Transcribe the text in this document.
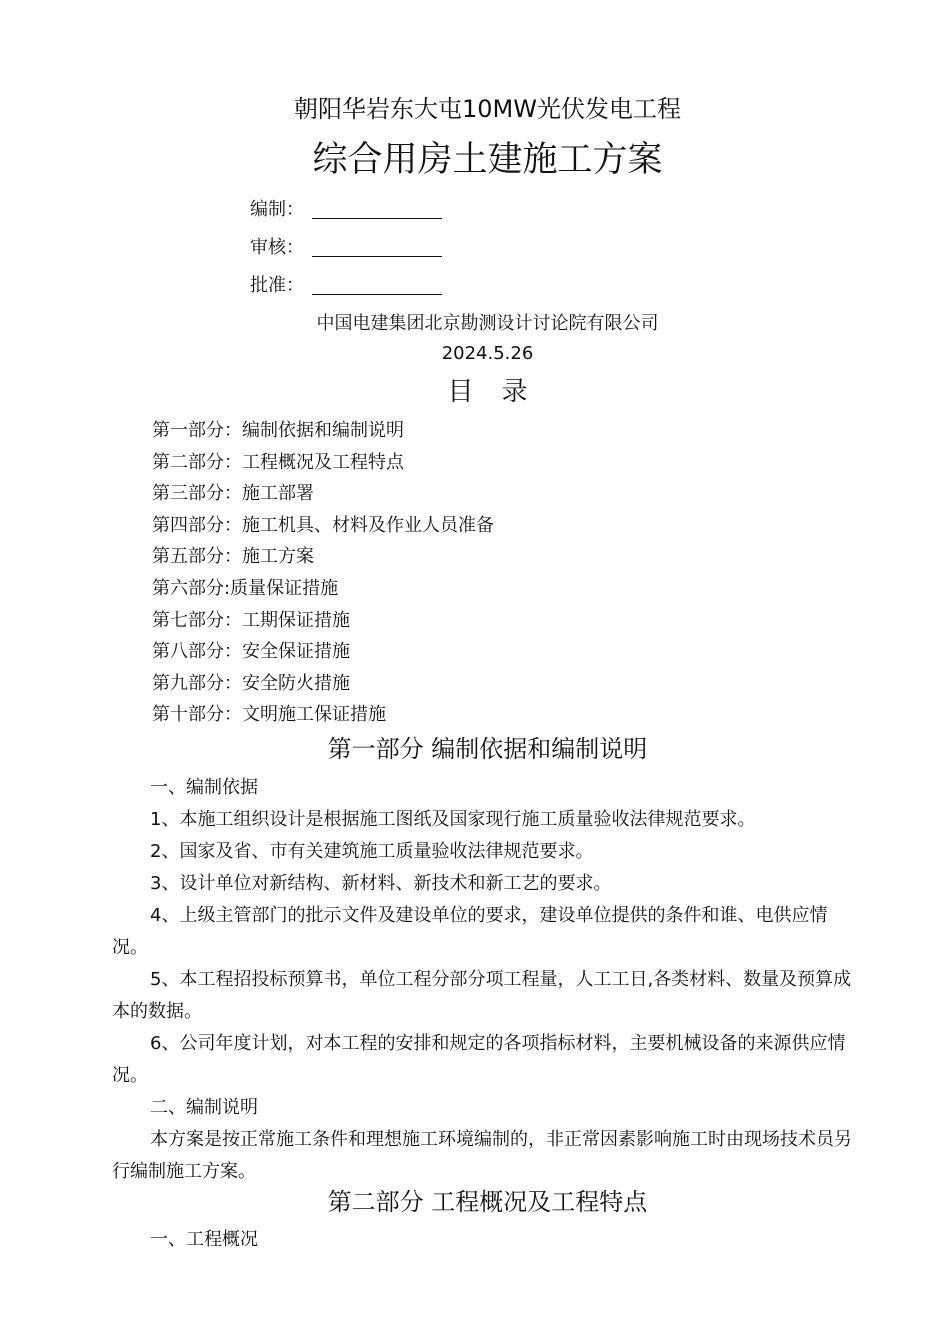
朝阳华岩东大屯10MW光伏发电工程
综合用房土建施工方案
编制：
审核：
批准：
中国电建集团北京勘测设计讨论院有限公司
2024.5.26
目录
第一部分：编制依据和编制说明
第二部分：工程概况及工程特点
第三部分：施工部署
第四部分：施工机具、材料及作业人员准备
第五部分：施工方案
第六部分:质量保证措施
第七部分：工期保证措施
第八部分：安全保证措施
第九部分：安全防火措施
第十部分：文明施工保证措施
第一部分 编制依据和编制说明

一、编制依据

1、本施工组织设计是根据施工图纸及国家现行施工质量验收法律规范要求。

2、国家及省、市有关建筑施工质量验收法律规范要求。

3、设计单位对新结构、新材料、新技术和新工艺的要求。

4、上级主管部门的批示文件及建设单位的要求，建设单位提供的条件和谁、电供应情况。

5、本工程招投标预算书，单位工程分部分项工程量，人工工日,各类材料、数量及预算成本的数据。

6、公司年度计划，对本工程的安排和规定的各项指标材料，主要机械设备的来源供应情况。

二、编制说明

本方案是按正常施工条件和理想施工环境编制的，非正常因素影响施工时由现场技术员另行编制施工方案。

第二部分 工程概况及工程特点

一、工程概况
